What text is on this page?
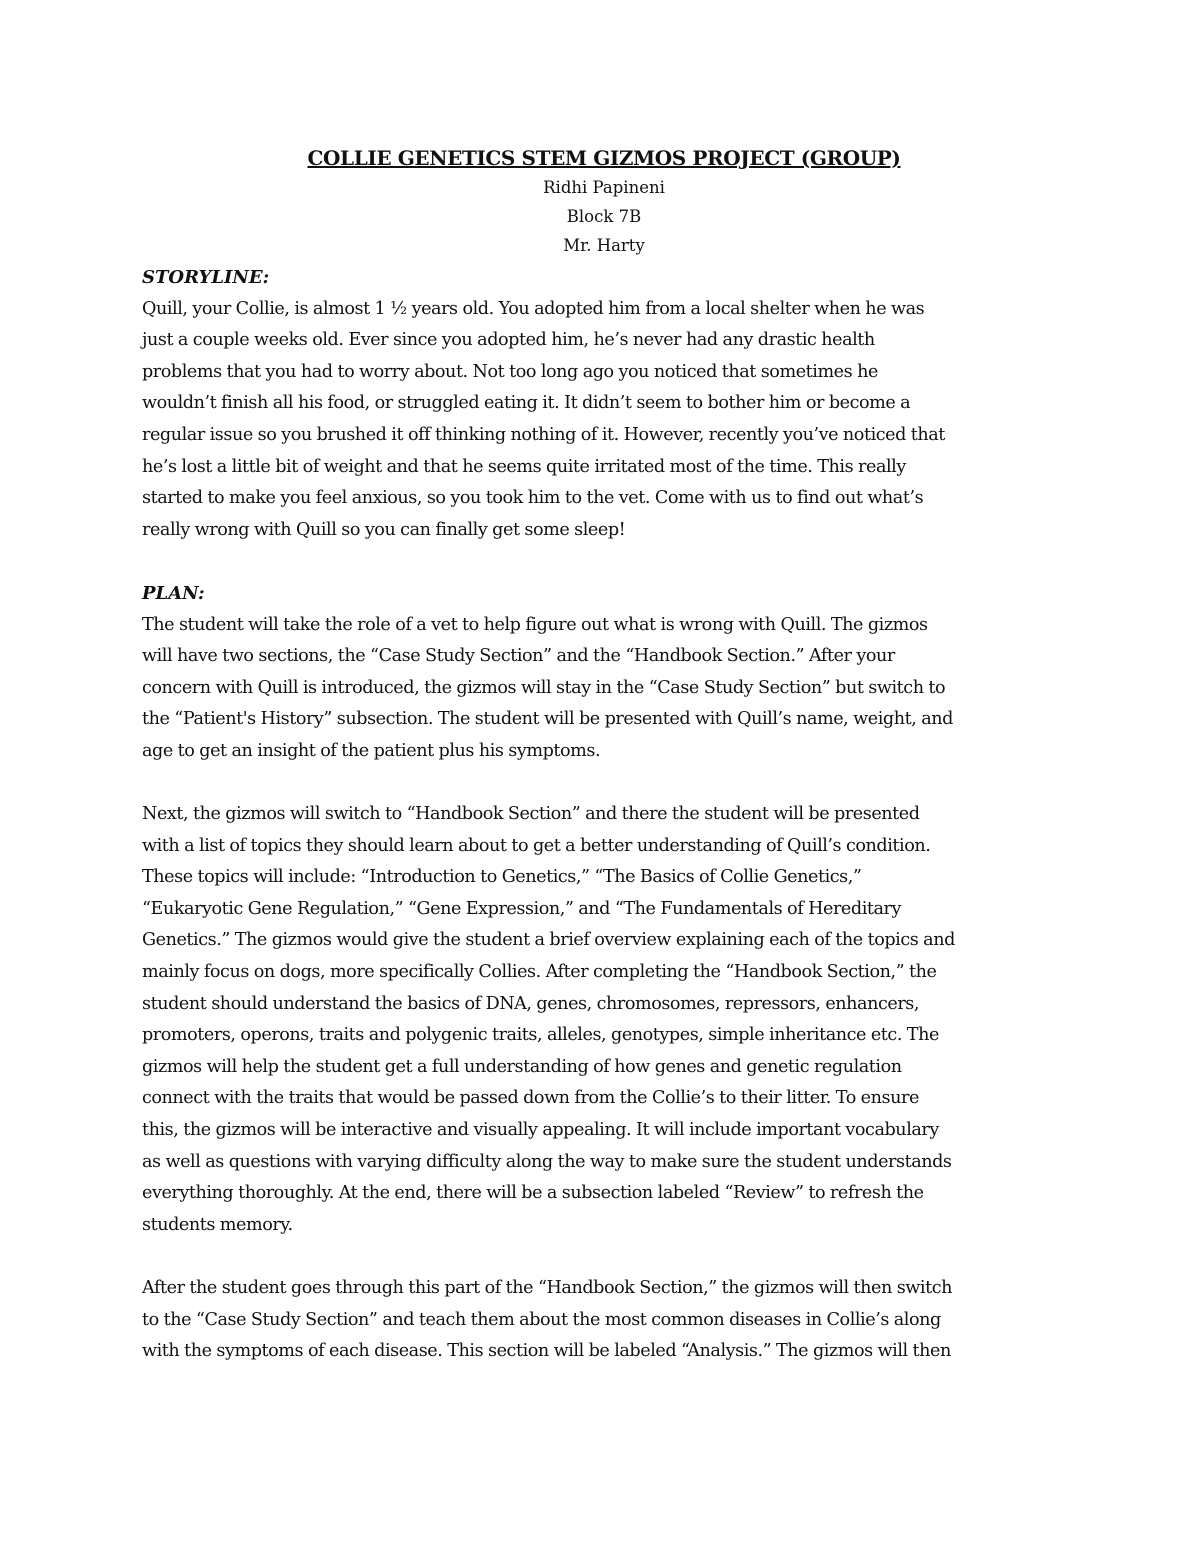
COLLIE GENETICS STEM GIZMOS PROJECT (GROUP)

Ridhi Papineni

Block 7B

Mr. Harty

STORYLINE:

Quill, your Collie, is almost 1 ½ years old. You adopted him from a local shelter when he was
just a couple weeks old. Ever since you adopted him, he’s never had any drastic health
problems that you had to worry about. Not too long ago you noticed that sometimes he
wouldn’t finish all his food, or struggled eating it. It didn’t seem to bother him or become a
regular issue so you brushed it off thinking nothing of it. However, recently you’ve noticed that
he’s lost a little bit of weight and that he seems quite irritated most of the time. This really
started to make you feel anxious, so you took him to the vet. Come with us to find out what’s
really wrong with Quill so you can finally get some sleep!

PLAN:

The student will take the role of a vet to help figure out what is wrong with Quill. The gizmos
will have two sections, the “Case Study Section” and the “Handbook Section.” After your
concern with Quill is introduced, the gizmos will stay in the “Case Study Section” but switch to
the “Patient's History” subsection. The student will be presented with Quill’s name, weight, and
age to get an insight of the patient plus his symptoms.
Next, the gizmos will switch to “Handbook Section” and there the student will be presented
with a list of topics they should learn about to get a better understanding of Quill’s condition.
These topics will include: “Introduction to Genetics,” “The Basics of Collie Genetics,”
“Eukaryotic Gene Regulation,” “Gene Expression,” and “The Fundamentals of Hereditary
Genetics.” The gizmos would give the student a brief overview explaining each of the topics and
mainly focus on dogs, more specifically Collies. After completing the “Handbook Section,” the
student should understand the basics of DNA, genes, chromosomes, repressors, enhancers,
promoters, operons, traits and polygenic traits, alleles, genotypes, simple inheritance etc. The
gizmos will help the student get a full understanding of how genes and genetic regulation
connect with the traits that would be passed down from the Collie’s to their litter. To ensure
this, the gizmos will be interactive and visually appealing. It will include important vocabulary
as well as questions with varying difficulty along the way to make sure the student understands
everything thoroughly. At the end, there will be a subsection labeled “Review” to refresh the
students memory.
After the student goes through this part of the “Handbook Section,” the gizmos will then switch
to the “Case Study Section” and teach them about the most common diseases in Collie’s along
with the symptoms of each disease. This section will be labeled “Analysis.” The gizmos will then
